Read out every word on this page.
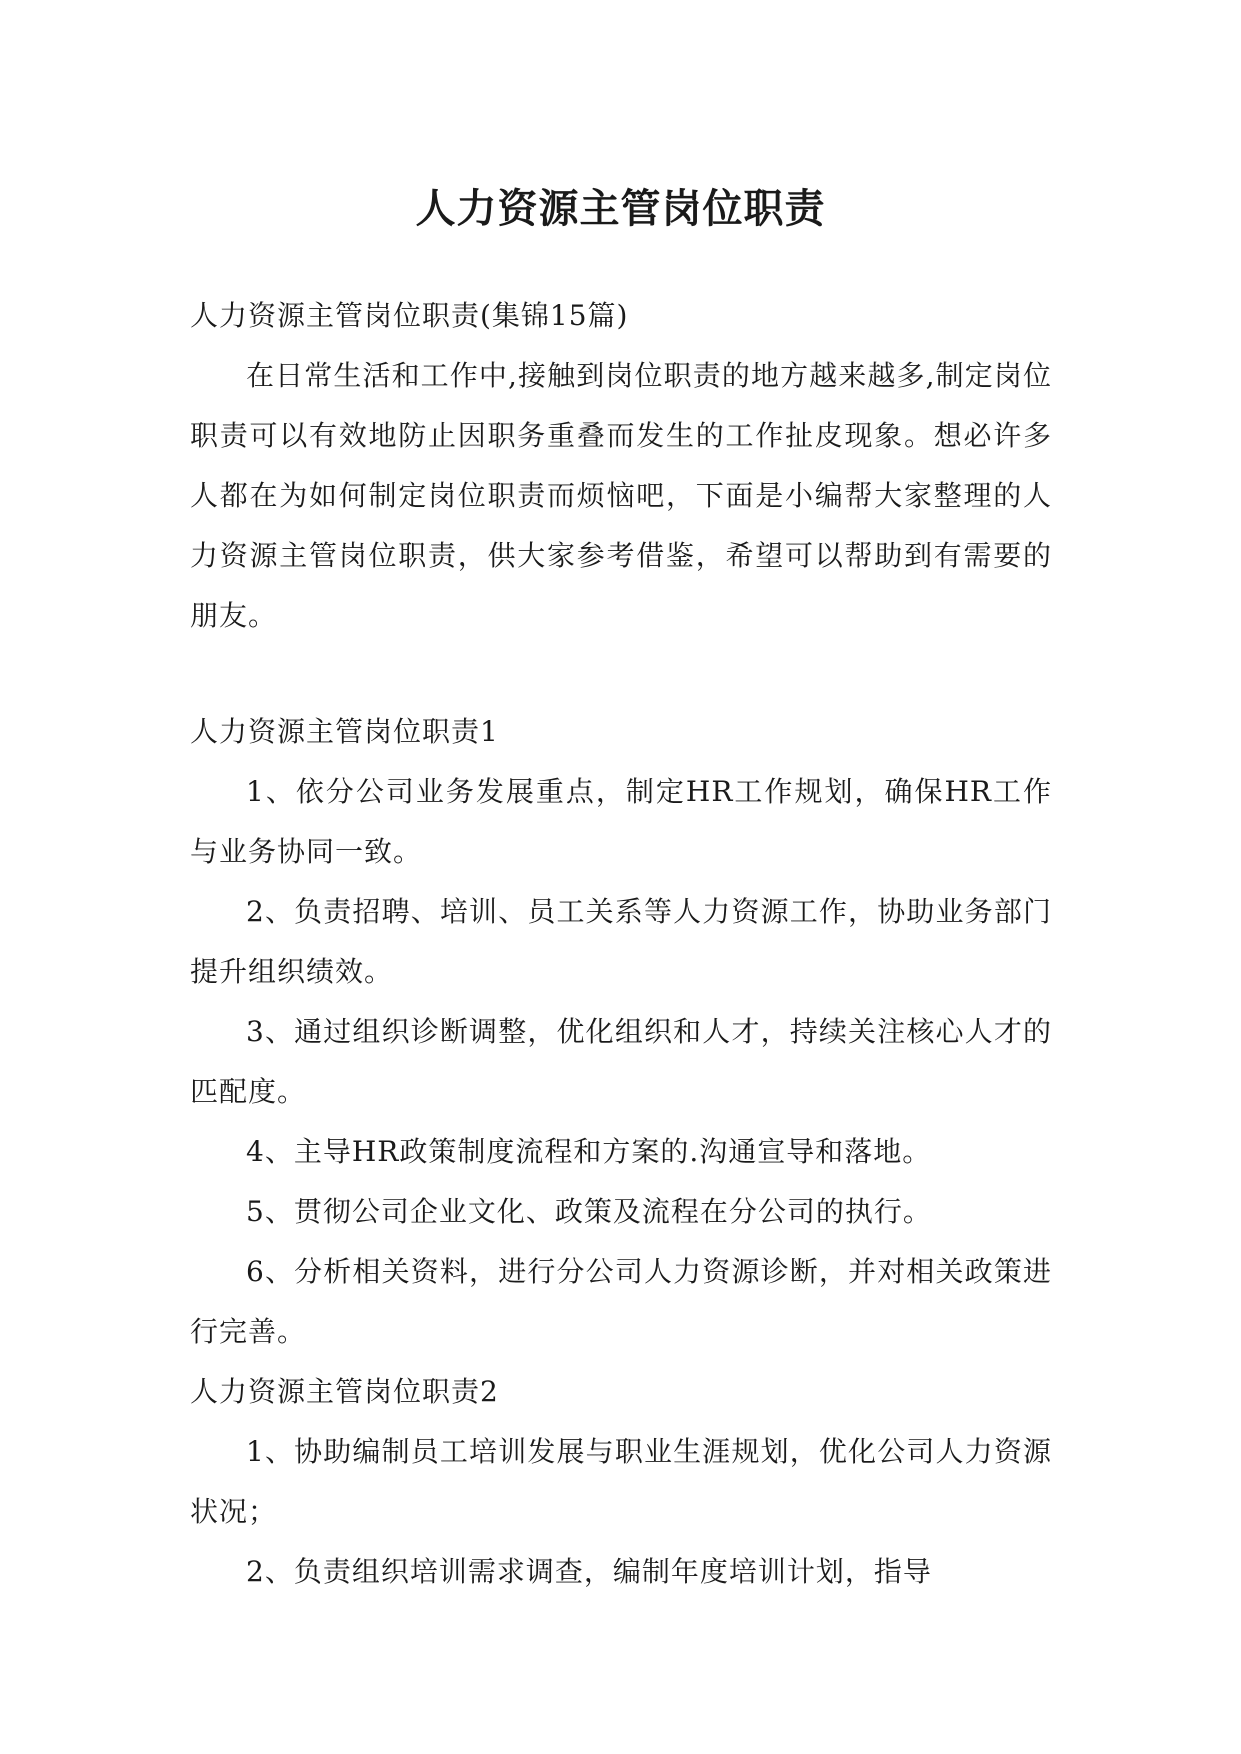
人力资源主管岗位职责

人力资源主管岗位职责(集锦15篇)

在日常生活和工作中,接触到岗位职责的地方越来越多,制定岗位职责可以有效地防止因职务重叠而发生的工作扯皮现象。想必许多人都在为如何制定岗位职责而烦恼吧，下面是小编帮大家整理的人力资源主管岗位职责，供大家参考借鉴，希望可以帮助到有需要的朋友。

人力资源主管岗位职责1

1、依分公司业务发展重点，制定HR工作规划，确保HR工作与业务协同一致。

2、负责招聘、培训、员工关系等人力资源工作，协助业务部门提升组织绩效。

3、通过组织诊断调整，优化组织和人才，持续关注核心人才的匹配度。

4、主导HR政策制度流程和方案的.沟通宣导和落地。

5、贯彻公司企业文化、政策及流程在分公司的执行。

6、分析相关资料，进行分公司人力资源诊断，并对相关政策进行完善。

人力资源主管岗位职责2

1、协助编制员工培训发展与职业生涯规划，优化公司人力资源状况；

2、负责组织培训需求调查，编制年度培训计划，指导
